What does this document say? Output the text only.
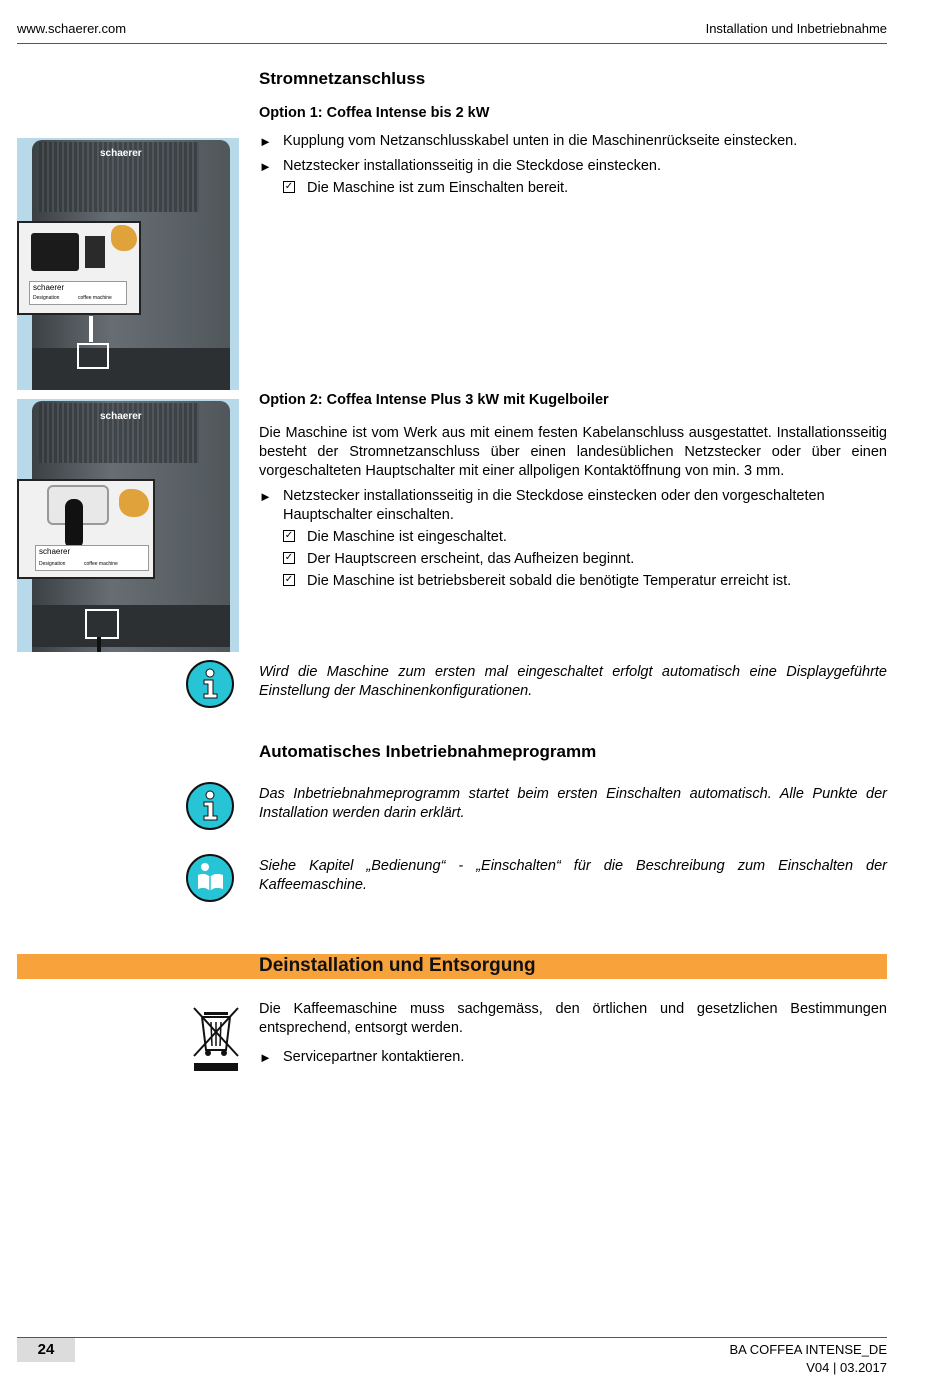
www.schaerer.com	Installation und Inbetriebnahme
Stromnetzanschluss
Option 1: Coffea Intense bis 2 kW
► Kupplung vom Netzanschlusskabel unten in die Maschinenrückseite einstecken.
► Netzstecker installationsseitig in die Steckdose einstecken.
✓ Die Maschine ist zum Einschalten bereit.
schaerer
schaerer
Designation	coffee machine
Option 2: Coffea Intense Plus 3 kW mit Kugelboiler
Die Maschine ist vom Werk aus mit einem festen Kabelanschluss ausgestattet. Installationsseitig besteht der Stromnetzanschluss über einen landesüblichen Netzstecker oder über einen vorgeschalteten Hauptschalter mit einer allpoligen Kontaktöffnung von min. 3 mm.
► Netzstecker installationsseitig in die Steckdose einstecken oder den vorgeschalteten Hauptschalter einschalten.
✓ Die Maschine ist eingeschaltet.
✓ Der Hauptscreen erscheint, das Aufheizen beginnt.
✓ Die Maschine ist betriebsbereit sobald die benötigte Temperatur erreicht ist.
schaerer
schaerer
Designation	coffee machine
Wird die Maschine zum ersten mal eingeschaltet erfolgt automatisch eine Displaygeführte Einstellung der Maschinenkonfigurationen.
Automatisches Inbetriebnahmeprogramm
Das Inbetriebnahmeprogramm startet beim ersten Einschalten automatisch. Alle Punkte der Installation werden darin erklärt.
Siehe Kapitel „Bedienung“ - „Einschalten“ für die Beschreibung zum Einschalten der Kaffeemaschine.
Deinstallation und Entsorgung
Die Kaffeemaschine muss sachgemäss, den örtlichen und gesetzlichen Bestimmungen entsprechend, entsorgt werden.
► Servicepartner kontaktieren.
24	BA COFFEA INTENSE_DE
V04 | 03.2017
